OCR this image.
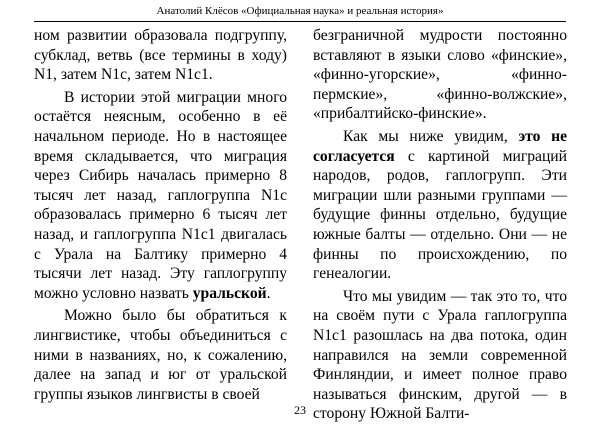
Анатолий Клёсов «Официальная наука» и реальная история»

ном развитии образовала подгруппу, субклад, ветвь (все термины в ходу) N1, затем N1c, затем N1c1.

В истории этой миграции много остаётся неясным, особенно в её начальном периоде. Но в настоящее время складывается, что миграция через Сибирь началась примерно 8 тысяч лет назад, гаплогруппа N1c образовалась примерно 6 тысяч лет назад, и гаплогруппа N1c1 двигалась с Урала на Балтику примерно 4 тысячи лет назад. Эту гаплогруппу можно условно назвать уральской.

Можно было бы обратиться к лингвистике, чтобы объединиться с ними в названиях, но, к сожалению, далее на запад и юг от уральской группы языков лингвисты в своей

безграничной мудрости постоянно вставляют в языки слово «финские», «финно-угорские», «финно-пермские», «финно-волжские», «прибалтийско-финские».

Как мы ниже увидим, это не согласуется с картиной миграций народов, родов, гаплогрупп. Эти миграции шли разными группами — будущие финны отдельно, будущие южные балты — отдельно. Они — не финны по происхождению, по генеалогии.

Что мы увидим — так это то, что на своём пути с Урала гаплогруппа N1c1 разошлась на два потока, один направился на земли современной Финляндии, и имеет полное право называться финским, другой — в сторону Южной Балти-

23
